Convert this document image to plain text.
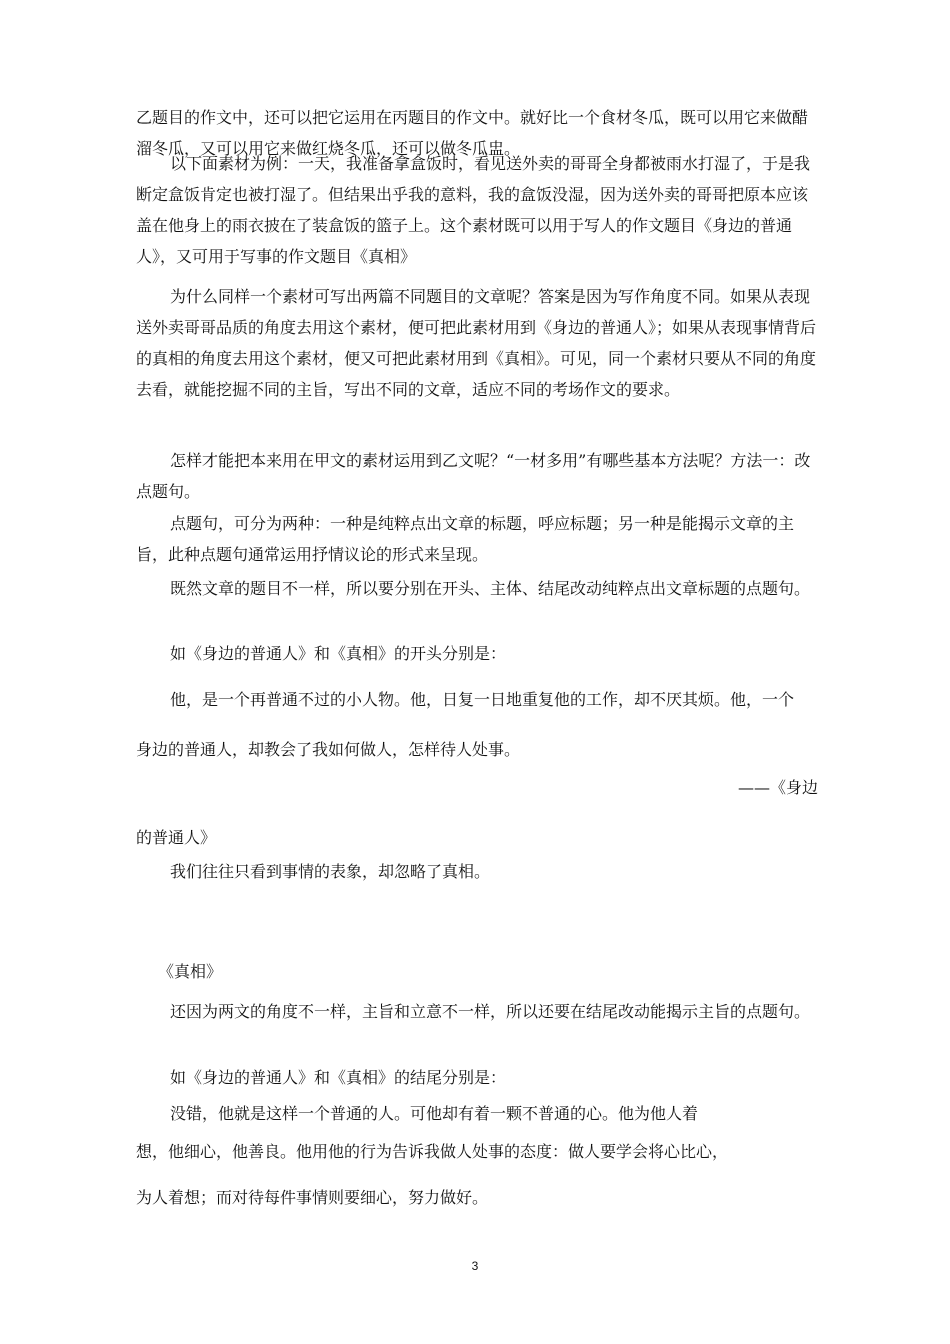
乙题目的作文中，还可以把它运用在丙题目的作文中。就好比一个食材冬瓜，既可以用它来做醋溜冬瓜，又可以用它来做红烧冬瓜，还可以做冬瓜盅。

以下面素材为例：一天，我准备拿盒饭时，看见送外卖的哥哥全身都被雨水打湿了，于是我断定盒饭肯定也被打湿了。但结果出乎我的意料，我的盒饭没湿，因为送外卖的哥哥把原本应该盖在他身上的雨衣披在了装盒饭的篮子上。这个素材既可以用于写人的作文题目《身边的普通人》，又可用于写事的作文题目《真相》

为什么同样一个素材可写出两篇不同题目的文章呢？答案是因为写作角度不同。如果从表现送外卖哥哥品质的角度去用这个素材，便可把此素材用到《身边的普通人》；如果从表现事情背后的真相的角度去用这个素材，便又可把此素材用到《真相》。可见，同一个素材只要从不同的角度去看，就能挖掘不同的主旨，写出不同的文章，适应不同的考场作文的要求。

怎样才能把本来用在甲文的素材运用到乙文呢？“一材多用”有哪些基本方法呢？方法一：改点题句。

点题句，可分为两种：一种是纯粹点出文章的标题，呼应标题；另一种是能揭示文章的主旨，此种点题句通常运用抒情议论的形式来呈现。

既然文章的题目不一样，所以要分别在开头、主体、结尾改动纯粹点出文章标题的点题句。

如《身边的普通人》和《真相》的开头分别是：

他，是一个再普通不过的小人物。他，日复一日地重复他的工作，却不厌其烦。他，一个
身边的普通人，却教会了我如何做人，怎样待人处事。
——《身边
的普通人》
我们往往只看到事情的表象，却忽略了真相。
《真相》

还因为两文的角度不一样，主旨和立意不一样，所以还要在结尾改动能揭示主旨的点题句。

如《身边的普通人》和《真相》的结尾分别是：

没错，他就是这样一个普通的人。可他却有着一颗不普通的心。他为他人着
想，他细心，他善良。他用他的行为告诉我做人处事的态度：做人要学会将心比心，
为人着想；而对待每件事情则要细心，努力做好。
3
